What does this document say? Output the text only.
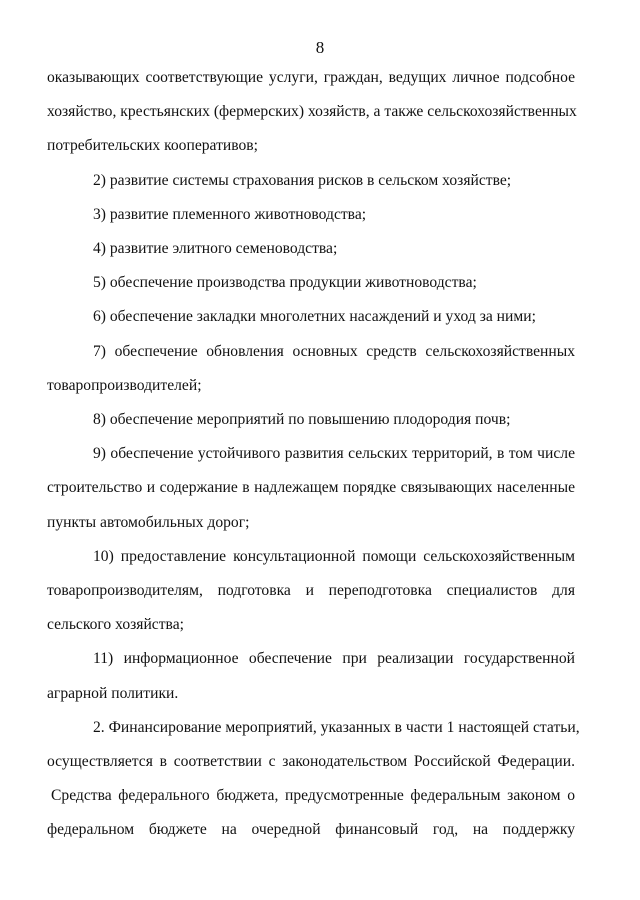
8
оказывающих соответствующие услуги, граждан, ведущих личное подсобное
хозяйство, крестьянских (фермерских) хозяйств, а также сельскохозяйственных
потребительских кооперативов;
2) развитие системы страхования рисков в сельском хозяйстве;
3) развитие племенного животноводства;
4) развитие элитного семеноводства;
5) обеспечение производства продукции животноводства;
6) обеспечение закладки многолетних насаждений и уход за ними;
7) обеспечение обновления основных средств сельскохозяйственных
товаропроизводителей;
8) обеспечение мероприятий по повышению плодородия почв;
9) обеспечение устойчивого развития сельских территорий, в том числе
строительство и содержание в надлежащем порядке связывающих населенные
пункты автомобильных дорог;
10) предоставление консультационной помощи сельскохозяйственным
товаропроизводителям, подготовка и переподготовка специалистов для
сельского хозяйства;
11) информационное обеспечение при реализации государственной
аграрной политики.
2. Финансирование мероприятий, указанных в части 1 настоящей статьи,
осуществляется в соответствии с законодательством Российской Федерации.
Средства федерального бюджета, предусмотренные федеральным законом о
федеральном бюджете на очередной финансовый год, на поддержку
